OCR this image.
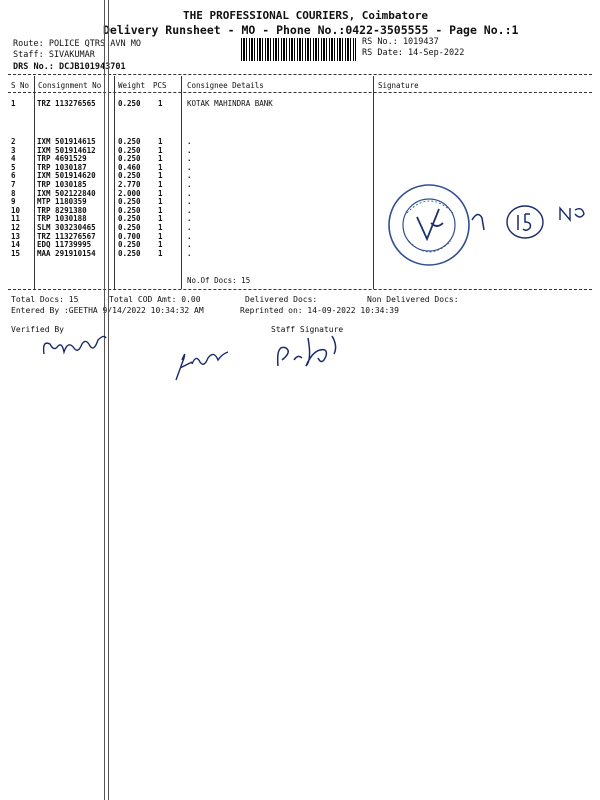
THE PROFESSIONAL COURIERS, Coimbatore
Delivery Runsheet - MO - Phone No.:0422-3505555 - Page No.:1
Route: POLICE QTRS AVN MO
Staff: SIVAKUMAR
DRS No.: DCJB101943701
RS No.: 1019437
RS Date: 14-Sep-2022
S No Consignment No Weight PCS	Consignee Details	Signature
1	TRZ 113276565	0.250 1	KOTAK MAHINDRA BANK
2	IXM 501914615	0.250 1	.
3	IXM 501914612	0.250 1	.
4	TRP 4691529	0.250 1	.
5	TRP 1030187	0.460 1	.
6	IXM 501914620	0.250 1	.
7	TRP 1030185	2.770 1	.
8	IXM 502122840	2.000 1	.
9	MTP 1180359	0.250 1	.
10 TRP 8291380	0.250 1	.
11 TRP 1030188	0.250 1	.
12 SLM 303230465	0.250 1	.
13 TRZ 113276567	0.700 1	.
14 EDQ 11739995	0.250 1	.
15 MAA 291910154	0.250 1	.
No.Of Docs: 15
Total Docs: 15	Total COD Amt: 0.00	Delivered Docs:	Non Delivered Docs:
Entered By :GEETHA 9/14/2022 10:34:32 AM	Reprinted on: 14-09-2022 10:34:39
Verified By	Staff Signature
